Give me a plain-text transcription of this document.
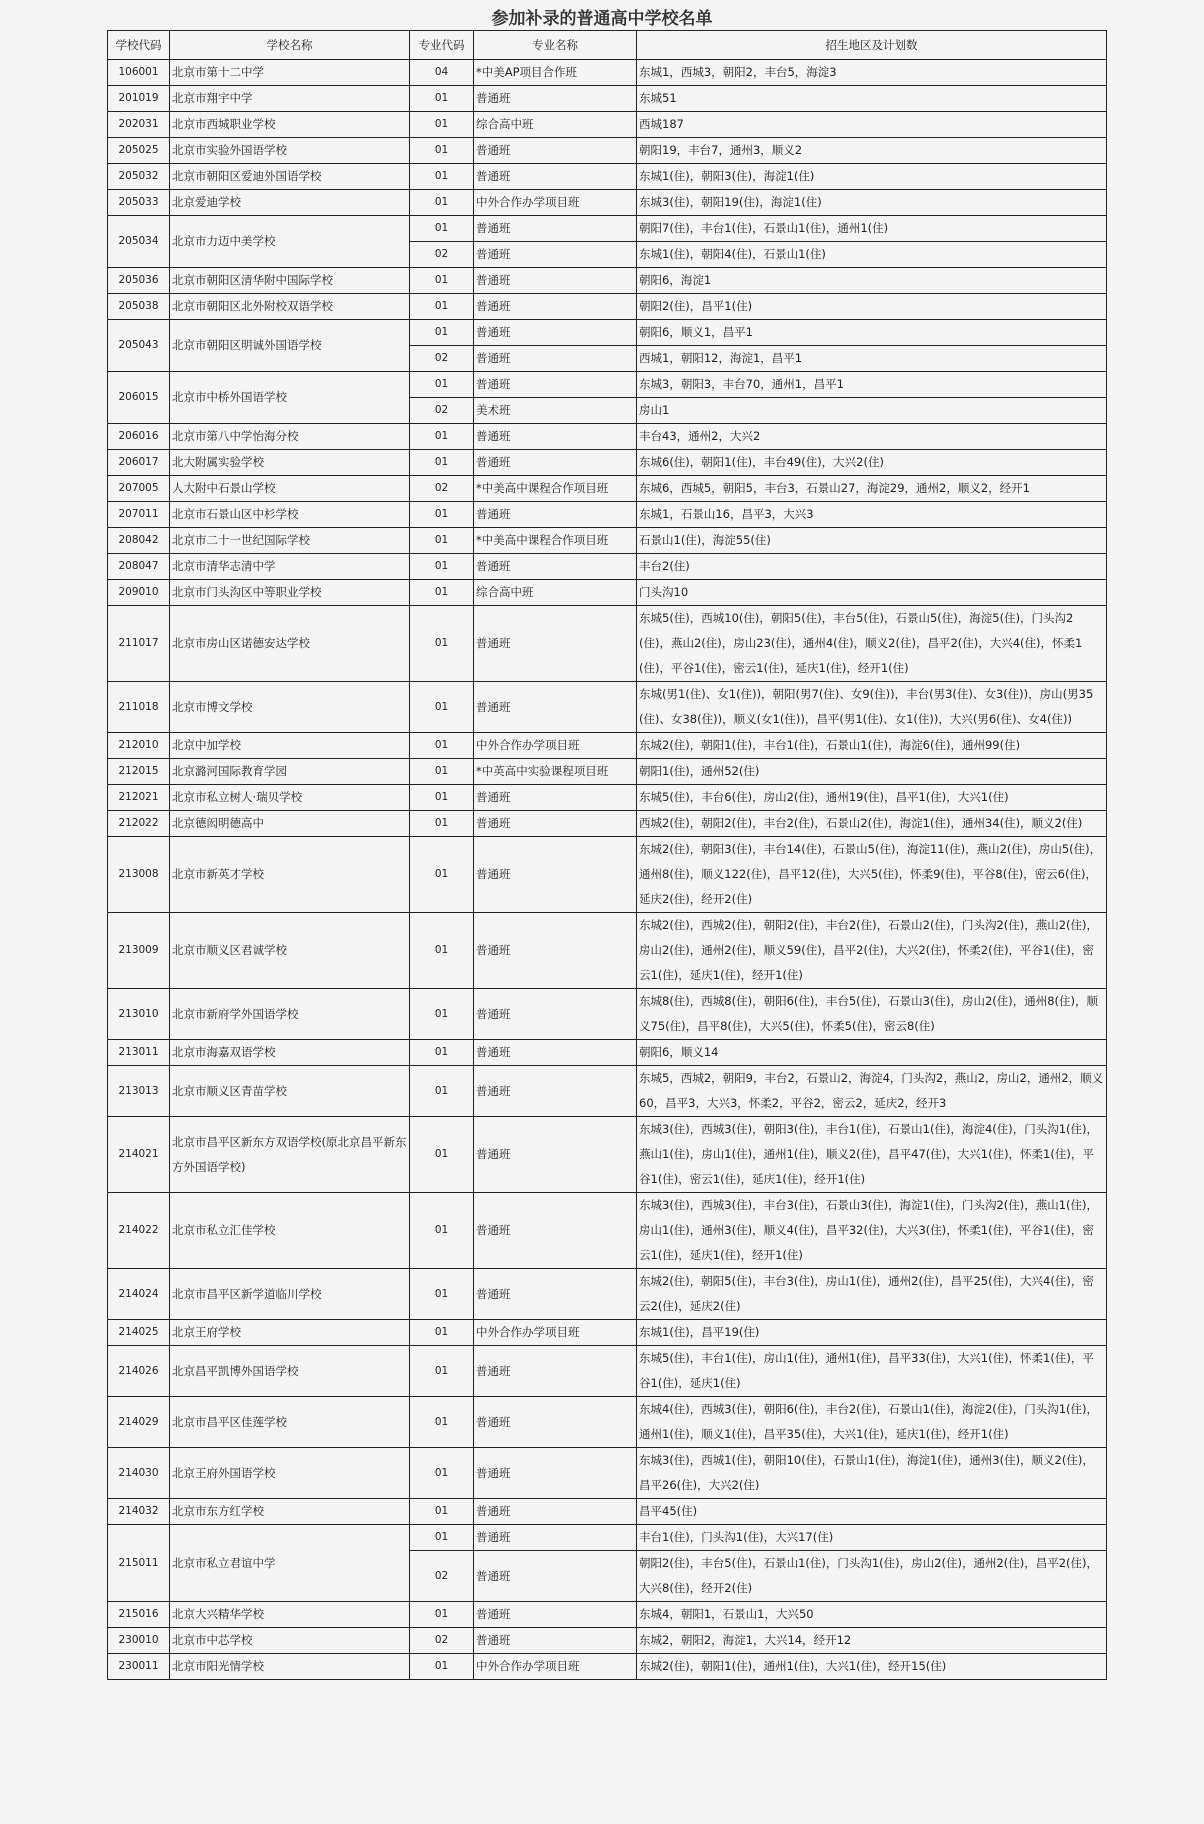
参加补录的普通高中学校名单
学校代码	学校名称	专业代码	专业名称	招生地区及计划数
106001	北京市第十二中学	04	*中美AP项目合作班	东城1，西城3，朝阳2，丰台5，海淀3
201019	北京市翔宇中学	01	普通班	东城51
202031	北京市西城职业学校	01	综合高中班	西城187
205025	北京市实验外国语学校	01	普通班	朝阳19，丰台7，通州3，顺义2
205032	北京市朝阳区爱迪外国语学校	01	普通班	东城1(住)，朝阳3(住)，海淀1(住)
205033	北京爱迪学校	01	中外合作办学项目班	东城3(住)，朝阳19(住)，海淀1(住)
205034	北京市力迈中美学校	01	普通班	朝阳7(住)，丰台1(住)，石景山1(住)，通州1(住)
		02	普通班	东城1(住)，朝阳4(住)，石景山1(住)
205036	北京市朝阳区清华附中国际学校	01	普通班	朝阳6，海淀1
205038	北京市朝阳区北外附校双语学校	01	普通班	朝阳2(住)，昌平1(住)
205043	北京市朝阳区明诚外国语学校	01	普通班	朝阳6，顺义1，昌平1
		02	普通班	西城1，朝阳12，海淀1，昌平1
206015	北京市中桥外国语学校	01	普通班	东城3，朝阳3，丰台70，通州1，昌平1
		02	美术班	房山1
206016	北京市第八中学怡海分校	01	普通班	丰台43，通州2，大兴2
206017	北大附属实验学校	01	普通班	东城6(住)，朝阳1(住)，丰台49(住)，大兴2(住)
207005	人大附中石景山学校	02	*中美高中课程合作项目班	东城6，西城5，朝阳5，丰台3，石景山27，海淀29，通州2，顺义2，经开1
207011	北京市石景山区中杉学校	01	普通班	东城1，石景山16，昌平3，大兴3
208042	北京市二十一世纪国际学校	01	*中美高中课程合作项目班	石景山1(住)，海淀55(住)
208047	北京市清华志清中学	01	普通班	丰台2(住)
209010	北京市门头沟区中等职业学校	01	综合高中班	门头沟10
211017	北京市房山区诺德安达学校	01	普通班	东城5(住)，西城10(住)，朝阳5(住)，丰台5(住)，石景山5(住)，海淀5(住)，门头沟2(住)，燕山2(住)，房山23(住)，通州4(住)，顺义2(住)，昌平2(住)，大兴4(住)，怀柔1(住)，平谷1(住)，密云1(住)，延庆1(住)，经开1(住)
211018	北京市博文学校	01	普通班	东城(男1(住)、女1(住))，朝阳(男7(住)、女9(住))，丰台(男3(住)、女3(住))，房山(男35(住)、女38(住))，顺义(女1(住))，昌平(男1(住)、女1(住))，大兴(男6(住)、女4(住))
212010	北京中加学校	01	中外合作办学项目班	东城2(住)，朝阳1(住)，丰台1(住)，石景山1(住)，海淀6(住)，通州99(住)
212015	北京潞河国际教育学园	01	*中英高中实验课程项目班	朝阳1(住)，通州52(住)
212021	北京市私立树人·瑞贝学校	01	普通班	东城5(住)，丰台6(住)，房山2(住)，通州19(住)，昌平1(住)，大兴1(住)
212022	北京德闳明德高中	01	普通班	西城2(住)，朝阳2(住)，丰台2(住)，石景山2(住)，海淀1(住)，通州34(住)，顺义2(住)
213008	北京市新英才学校	01	普通班	东城2(住)，朝阳3(住)，丰台14(住)，石景山5(住)，海淀11(住)，燕山2(住)，房山5(住)，通州8(住)，顺义122(住)，昌平12(住)，大兴5(住)，怀柔9(住)，平谷8(住)，密云6(住)，延庆2(住)，经开2(住)
213009	北京市顺义区君诚学校	01	普通班	东城2(住)，西城2(住)，朝阳2(住)，丰台2(住)，石景山2(住)，门头沟2(住)，燕山2(住)，房山2(住)，通州2(住)，顺义59(住)，昌平2(住)，大兴2(住)，怀柔2(住)，平谷1(住)，密云1(住)，延庆1(住)，经开1(住)
213010	北京市新府学外国语学校	01	普通班	东城8(住)，西城8(住)，朝阳6(住)，丰台5(住)，石景山3(住)，房山2(住)，通州8(住)，顺义75(住)，昌平8(住)，大兴5(住)，怀柔5(住)，密云8(住)
213011	北京市海嘉双语学校	01	普通班	朝阳6，顺义14
213013	北京市顺义区青苗学校	01	普通班	东城5，西城2，朝阳9，丰台2，石景山2，海淀4，门头沟2，燕山2，房山2，通州2，顺义60，昌平3，大兴3，怀柔2，平谷2，密云2，延庆2，经开3
214021	北京市昌平区新东方双语学校(原北京昌平新东方外国语学校)	01	普通班	东城3(住)，西城3(住)，朝阳3(住)，丰台1(住)，石景山1(住)，海淀4(住)，门头沟1(住)，燕山1(住)，房山1(住)，通州1(住)，顺义2(住)，昌平47(住)，大兴1(住)，怀柔1(住)，平谷1(住)，密云1(住)，延庆1(住)，经开1(住)
214022	北京市私立汇佳学校	01	普通班	东城3(住)，西城3(住)，丰台3(住)，石景山3(住)，海淀1(住)，门头沟2(住)，燕山1(住)，房山1(住)，通州3(住)，顺义4(住)，昌平32(住)，大兴3(住)，怀柔1(住)，平谷1(住)，密云1(住)，延庆1(住)，经开1(住)
214024	北京市昌平区新学道临川学校	01	普通班	东城2(住)，朝阳5(住)，丰台3(住)，房山1(住)，通州2(住)，昌平25(住)，大兴4(住)，密云2(住)，延庆2(住)
214025	北京王府学校	01	中外合作办学项目班	东城1(住)，昌平19(住)
214026	北京昌平凯博外国语学校	01	普通班	东城5(住)，丰台1(住)，房山1(住)，通州1(住)，昌平33(住)，大兴1(住)，怀柔1(住)，平谷1(住)，延庆1(住)
214029	北京市昌平区佳莲学校	01	普通班	东城4(住)，西城3(住)，朝阳6(住)，丰台2(住)，石景山1(住)，海淀2(住)，门头沟1(住)，通州1(住)，顺义1(住)，昌平35(住)，大兴1(住)，延庆1(住)，经开1(住)
214030	北京王府外国语学校	01	普通班	东城3(住)，西城1(住)，朝阳10(住)，石景山1(住)，海淀1(住)，通州3(住)，顺义2(住)，昌平26(住)，大兴2(住)
214032	北京市东方红学校	01	普通班	昌平45(住)
215011	北京市私立君谊中学	01	普通班	丰台1(住)，门头沟1(住)，大兴17(住)
		02	普通班	朝阳2(住)，丰台5(住)，石景山1(住)，门头沟1(住)，房山2(住)，通州2(住)，昌平2(住)，大兴8(住)，经开2(住)
215016	北京大兴精华学校	01	普通班	东城4，朝阳1，石景山1，大兴50
230010	北京市中芯学校	02	普通班	东城2，朝阳2，海淀1，大兴14，经开12
230011	北京市阳光情学校	01	中外合作办学项目班	东城2(住)，朝阳1(住)，通州1(住)，大兴1(住)，经开15(住)
